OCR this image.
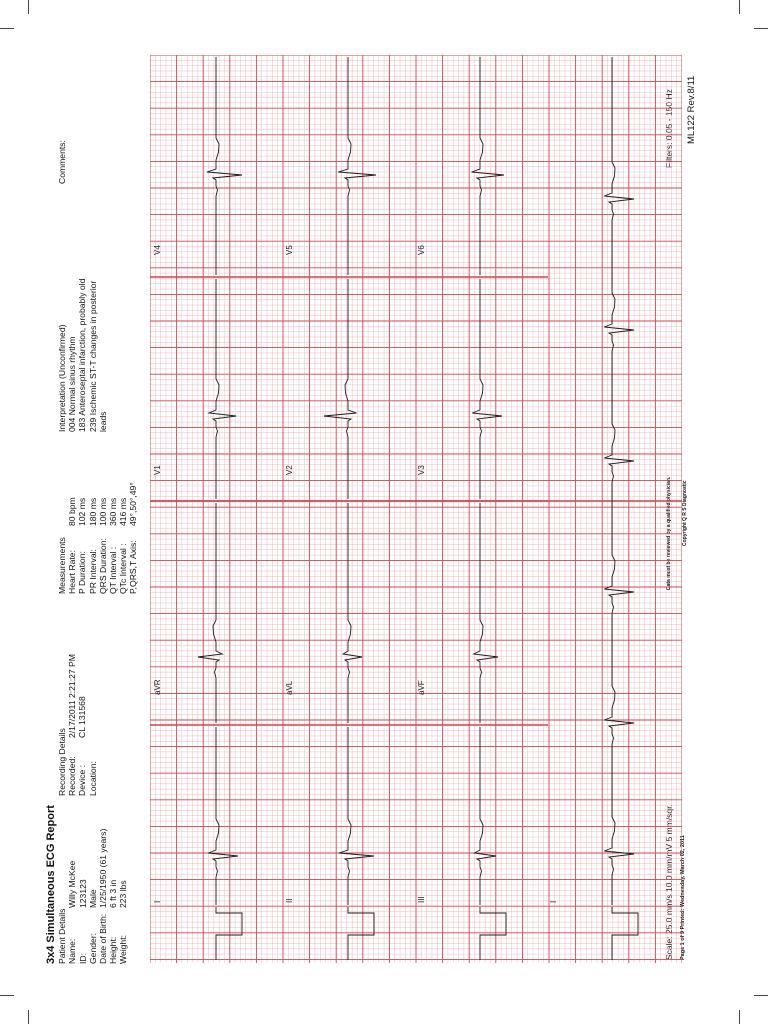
3x4 Simultaneous ECG Report Patient Details Name:
Willy McKee
ID:
123123
Gender:
Male
Date of Birth:
1/25/1950 (61 years)
Height:
6 ft 3 in
Weight:
223 lbs
Recording Details Recorded:
2/17/2011 2:21:27 PM
Device :
CL 131568
Location:
Measurements Heart Rate:
80 bpm
P Duration:
102 ms
PR Interval:
180 ms
QRS Duration:
100 ms
QT Interval :
360 ms
QTc Interval :
416 ms
P,QRS,T Axis:
49°,50°,49°
Interpretation (Unconfirmed) 004 Normal sinus rhythm 183 Anteroseptal infarction, probably old 239 Ischemic ST-T changes in posterior leads
Comments:
Scale: 25.0 mm/s 10.0 mm/mV 5 mm/sqr. Page 1 of 9 Printed: Wednesday, March 02, 2011
Data must be reviewed by a qualified physician. Copyright Q R S Diagnostic
Filters: 0.05 - 150 Hz ML122 Rev.8/11
I
aVR
V1
V4
II
aVL
V2
V5
III
aVF
V3
V6
I
